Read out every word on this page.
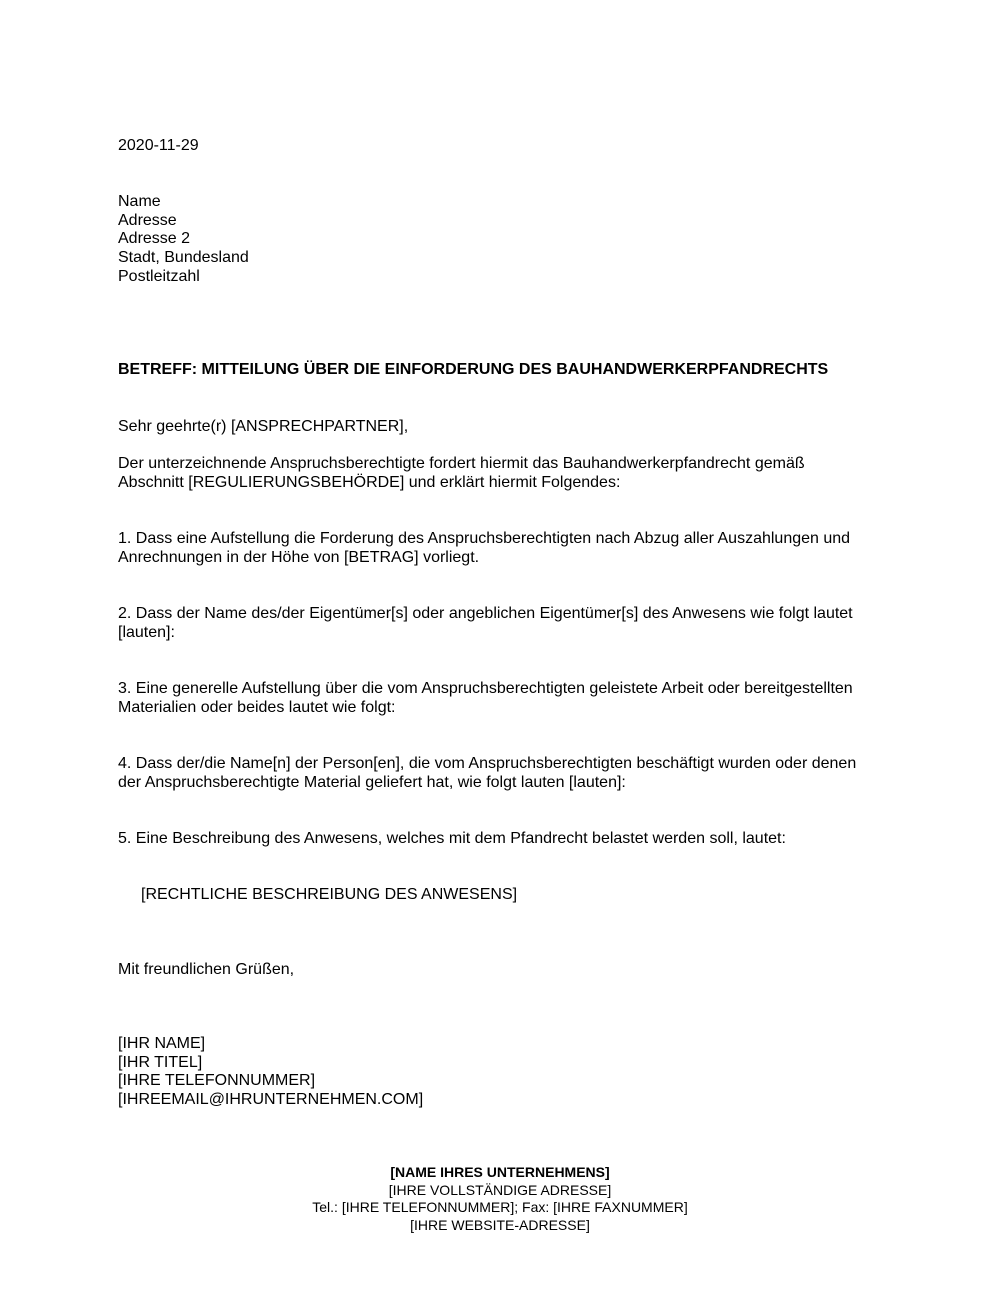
2020-11-29
Name
Adresse
Adresse 2
Stadt, Bundesland
Postleitzahl
BETREFF: MITTEILUNG ÜBER DIE EINFORDERUNG DES BAUHANDWERKERPFANDRECHTS
Sehr geehrte(r) [ANSPRECHPARTNER],
Der unterzeichnende Anspruchsberechtigte fordert hiermit das Bauhandwerkerpfandrecht gemäß
Abschnitt [REGULIERUNGSBEHÖRDE] und erklärt hiermit Folgendes:
1. Dass eine Aufstellung die Forderung des Anspruchsberechtigten nach Abzug aller Auszahlungen und
Anrechnungen in der Höhe von [BETRAG] vorliegt.
2. Dass der Name des/der Eigentümer[s] oder angeblichen Eigentümer[s] des Anwesens wie folgt lautet
[lauten]:
3. Eine generelle Aufstellung über die vom Anspruchsberechtigten geleistete Arbeit oder bereitgestellten
Materialien oder beides lautet wie folgt:
4. Dass der/die Name[n] der Person[en], die vom Anspruchsberechtigten beschäftigt wurden oder denen
der Anspruchsberechtigte Material geliefert hat, wie folgt lauten [lauten]:
5. Eine Beschreibung des Anwesens, welches mit dem Pfandrecht belastet werden soll, lautet:
[RECHTLICHE BESCHREIBUNG DES ANWESENS]
Mit freundlichen Grüßen,
[IHR NAME]
[IHR TITEL]
[IHRE TELEFONNUMMER]
[IHREEMAIL@IHRUNTERNEHMEN.COM]
[NAME IHRES UNTERNEHMENS]
[IHRE VOLLSTÄNDIGE ADRESSE]
Tel.: [IHRE TELEFONNUMMER]; Fax: [IHRE FAXNUMMER]
[IHRE WEBSITE-ADRESSE]
